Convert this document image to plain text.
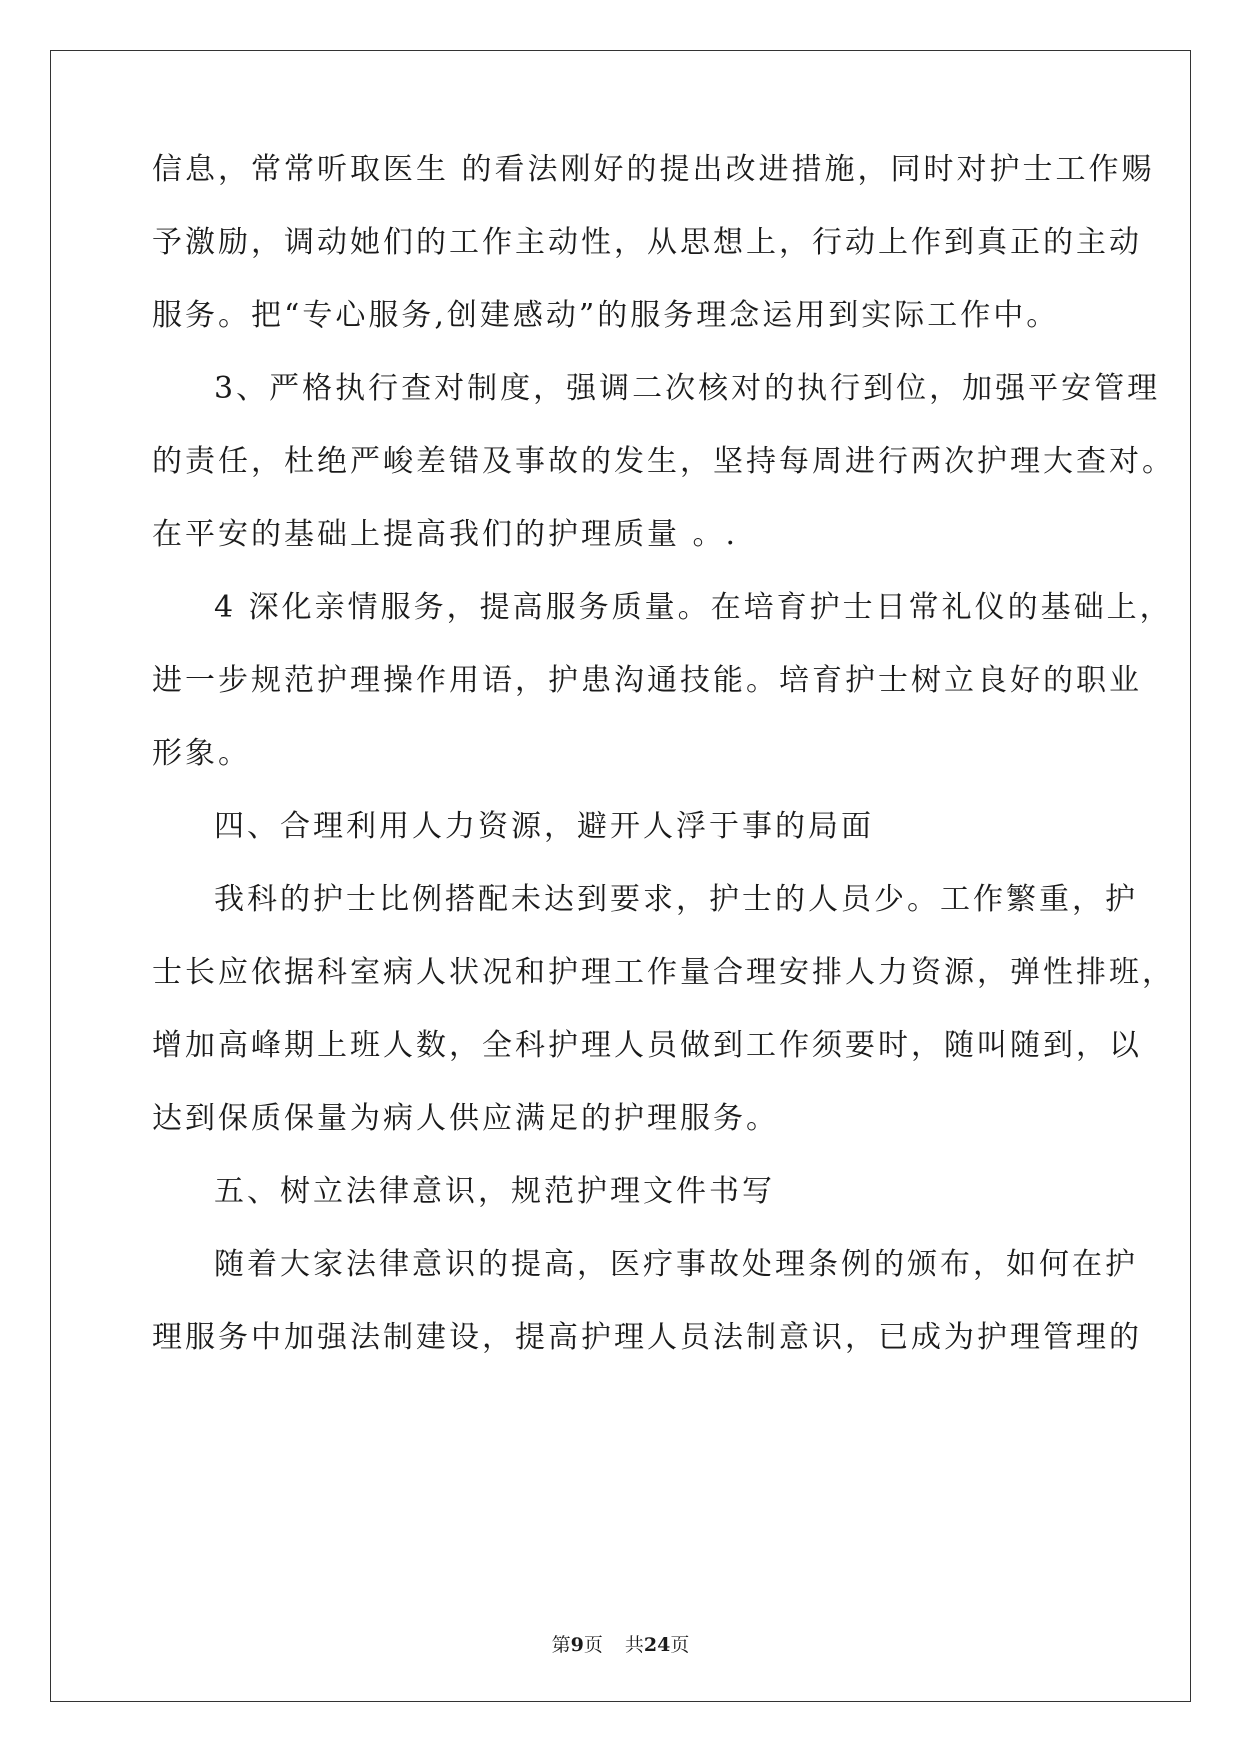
信息，常常听取医生 的看法刚好的提出改进措施，同时对护士工作赐
予激励，调动她们的工作主动性，从思想上，行动上作到真正的主动
服务。把“专心服务,创建感动”的服务理念运用到实际工作中。
3、严格执行查对制度，强调二次核对的执行到位，加强平安管理
的责任，杜绝严峻差错及事故的发生，坚持每周进行两次护理大查对。
在平安的基础上提高我们的护理质量 。.
4 深化亲情服务，提高服务质量。在培育护士日常礼仪的基础上，
进一步规范护理操作用语，护患沟通技能。培育护士树立良好的职业
形象。
四、合理利用人力资源，避开人浮于事的局面
我科的护士比例搭配未达到要求，护士的人员少。工作繁重，护
士长应依据科室病人状况和护理工作量合理安排人力资源，弹性排班，
增加高峰期上班人数，全科护理人员做到工作须要时，随叫随到，以
达到保质保量为病人供应满足的护理服务。
五、树立法律意识，规范护理文件书写
随着大家法律意识的提高，医疗事故处理条例的颁布，如何在护
理服务中加强法制建设，提高护理人员法制意识，已成为护理管理的
第9页 共24页
